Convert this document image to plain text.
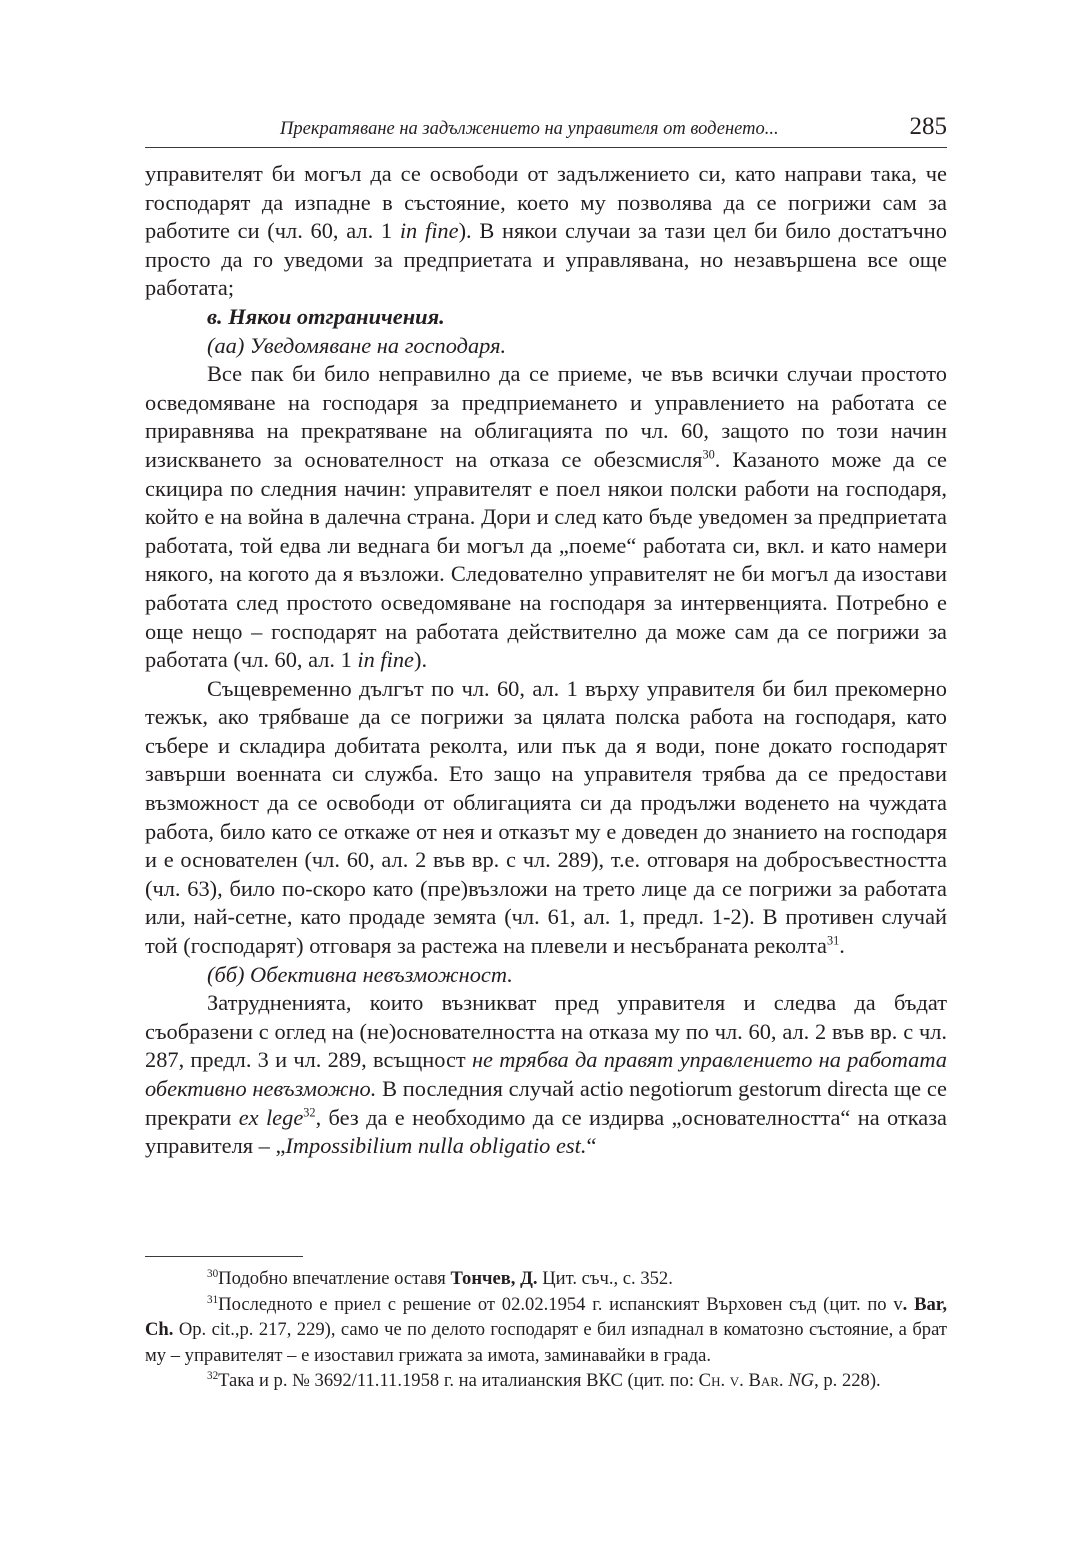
Прекратяване на задължението на управителя от воденето...	285

управителят би могъл да се освободи от задължението си, като направи така, че господарят да изпадне в състояние, което му позволява да се погрижи сам за работите си (чл. 60, ал. 1 in fine). В някои случаи за тази цел би било достатъчно просто да го уведоми за предприетата и управлявана, но незавършена все още работата;

в. Някои отграничения.

(аа) Уведомяване на господаря.

Все пак би било неправилно да се приеме, че във всички случаи простото осведомяване на господаря за предприемането и управлението на работата се приравнява на прекратяване на облигацията по чл. 60, защото по този начин изискването за основателност на отказа се обезсмисля$^{30}$. Казаното може да се скицира по следния начин: управителят е поел някои полски работи на господаря, който е на война в далечна страна. Дори и след като бъде уведомен за предприетата работата, той едва ли веднага би могъл да „поеме“ работата си, вкл. и като намери някого, на когото да я възложи. Следователно управителят не би могъл да изостави работата след простото осведомяване на господаря за интервенцията. Потребно е още нещо – господарят на работата действително да може сам да се погрижи за работата (чл. 60, ал. 1 in fine).

Същевременно дългът по чл. 60, ал. 1 върху управителя би бил прекомерно тежък, ако трябваше да се погрижи за цялата полска работа на господаря, като събере и складира добитата реколта, или пък да я води, поне докато господарят завърши военната си служба. Ето защо на управителя трябва да се предостави възможност да се освободи от облигацията си да продължи воденето на чуждата работа, било като се откаже от нея и отказът му е доведен до знанието на господаря и е основателен (чл. 60, ал. 2 във вр. с чл. 289), т.е. отговаря на добросъвестността (чл. 63), било по-скоро като (пре)възложи на трето лице да се погрижи за работата или, най-сетне, като продаде земята (чл. 61, ал. 1, предл. 1-2). В противен случай той (господарят) отговаря за растежа на плевели и несъбраната реколта$^{31}$.

(бб) Обективна невъзможност.

Затрудненията, които възникват пред управителя и следва да бъдат съобразени с оглед на (не)основателността на отказа му по чл. 60, ал. 2 във вр. с чл. 287, предл. 3 и чл. 289, всъщност не трябва да правят управлението на работата обективно невъзможно. В последния случай actio negotiorum gestorum directa ще се прекрати ex lege$^{32}$, без да е необходимо да се издирва „основателността“ на отказа управителя – „Impossibilium nulla obligatio est.“

$^{30}$Подобно впечатление оставя Тончев, Д. Цит. съч., с. 352.

$^{31}$Последното е приел с решение от 02.02.1954 г. испанският Върховен съд (цит. по v. Bar, Ch. Op. cit.,p. 217, 229), само че по делото господарят е бил изпаднал в коматозно състояние, а брат му – управителят – е изоставил грижата за имота, заминавайки в града.

$^{32}$Така и р. № 3692/11.11.1958 г. на италианския ВКС (цит. по: Ch. v. Bar. NG, p. 228).
